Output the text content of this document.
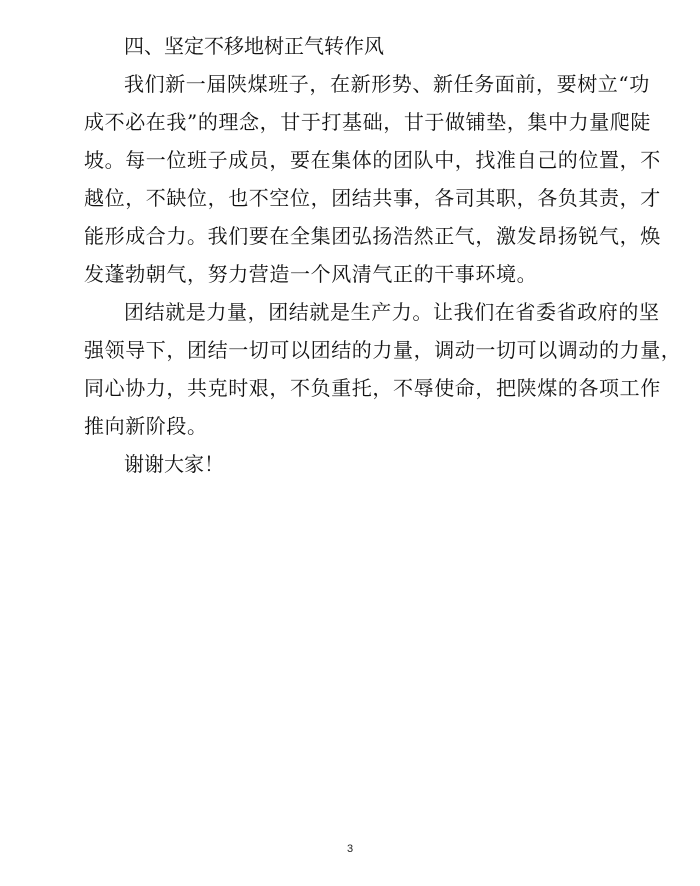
四、坚定不移地树正气转作风

我们新一届陕煤班子，在新形势、新任务面前，要树立“功
成不必在我”的理念，甘于打基础，甘于做铺垫，集中力量爬陡
坡。每一位班子成员，要在集体的团队中，找准自己的位置，不
越位，不缺位，也不空位，团结共事，各司其职，各负其责，才
能形成合力。我们要在全集团弘扬浩然正气，激发昂扬锐气，焕
发蓬勃朝气，努力营造一个风清气正的干事环境。

团结就是力量，团结就是生产力。让我们在省委省政府的坚
强领导下，团结一切可以团结的力量，调动一切可以调动的力量，
同心协力，共克时艰，不负重托，不辱使命，把陕煤的各项工作
推向新阶段。

谢谢大家！

3
